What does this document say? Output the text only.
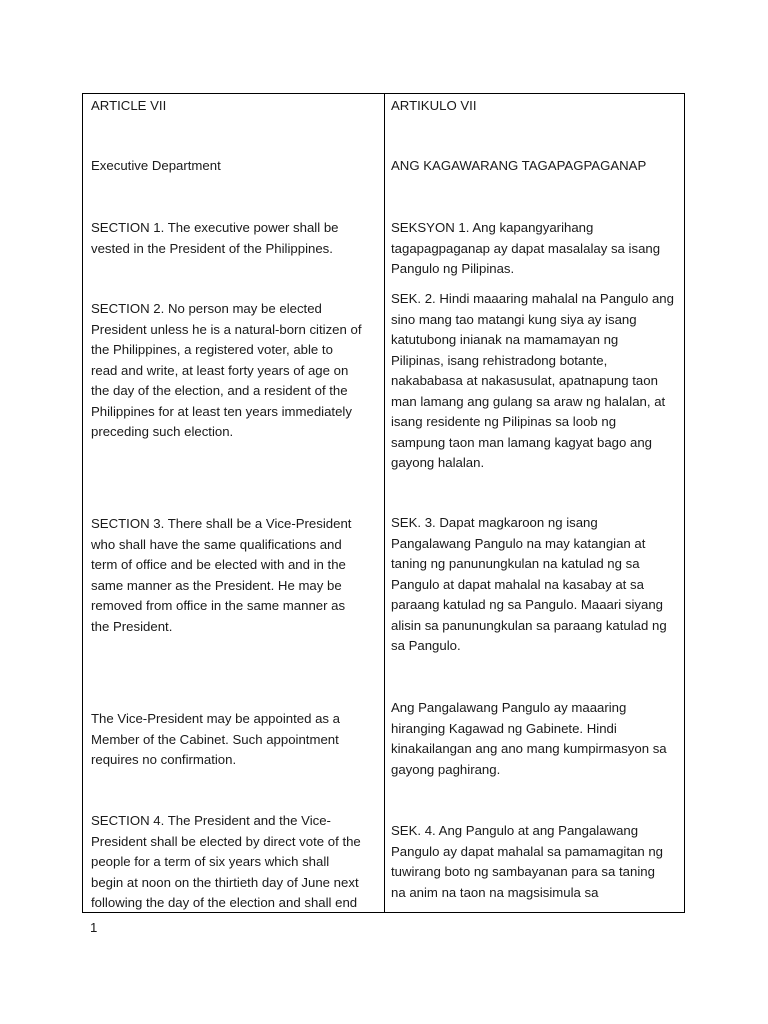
ARTICLE VII
Executive Department
SECTION 1. The executive power shall be
vested in the President of the Philippines.
SECTION 2. No person may be elected
President unless he is a natural-born citizen of
the Philippines, a registered voter, able to
read and write, at least forty years of age on
the day of the election, and a resident of the
Philippines for at least ten years immediately
preceding such election.
SECTION 3. There shall be a Vice-President
who shall have the same qualifications and
term of office and be elected with and in the
same manner as the President. He may be
removed from office in the same manner as
the President.
The Vice-President may be appointed as a
Member of the Cabinet. Such appointment
requires no confirmation.
SECTION 4. The President and the Vice-
President shall be elected by direct vote of the
people for a term of six years which shall
begin at noon on the thirtieth day of June next
following the day of the election and shall end
ARTIKULO VII
ANG KAGAWARANG TAGAPAGPAGANAP
SEKSYON 1. Ang kapangyarihang
tagapagpaganap ay dapat masalalay sa isang
Pangulo ng Pilipinas.
SEK. 2. Hindi maaaring mahalal na Pangulo ang
sino mang tao matangi kung siya ay isang
katutubong inianak na mamamayan ng
Pilipinas, isang rehistradong botante,
nakababasa at nakasusulat, apatnapung taon
man lamang ang gulang sa araw ng halalan, at
isang residente ng Pilipinas sa loob ng
sampung taon man lamang kagyat bago ang
gayong halalan.
SEK. 3. Dapat magkaroon ng isang
Pangalawang Pangulo na may katangian at
taning ng panunungkulan na katulad ng sa
Pangulo at dapat mahalal na kasabay at sa
paraang katulad ng sa Pangulo. Maaari siyang
alisin sa panunungkulan sa paraang katulad ng
sa Pangulo.
Ang Pangalawang Pangulo ay maaaring
hiranging Kagawad ng Gabinete. Hindi
kinakailangan ang ano mang kumpirmasyon sa
gayong paghirang.
SEK. 4. Ang Pangulo at ang Pangalawang
Pangulo ay dapat mahalal sa pamamagitan ng
tuwirang boto ng sambayanan para sa taning
na anim na taon na magsisimula sa
1
